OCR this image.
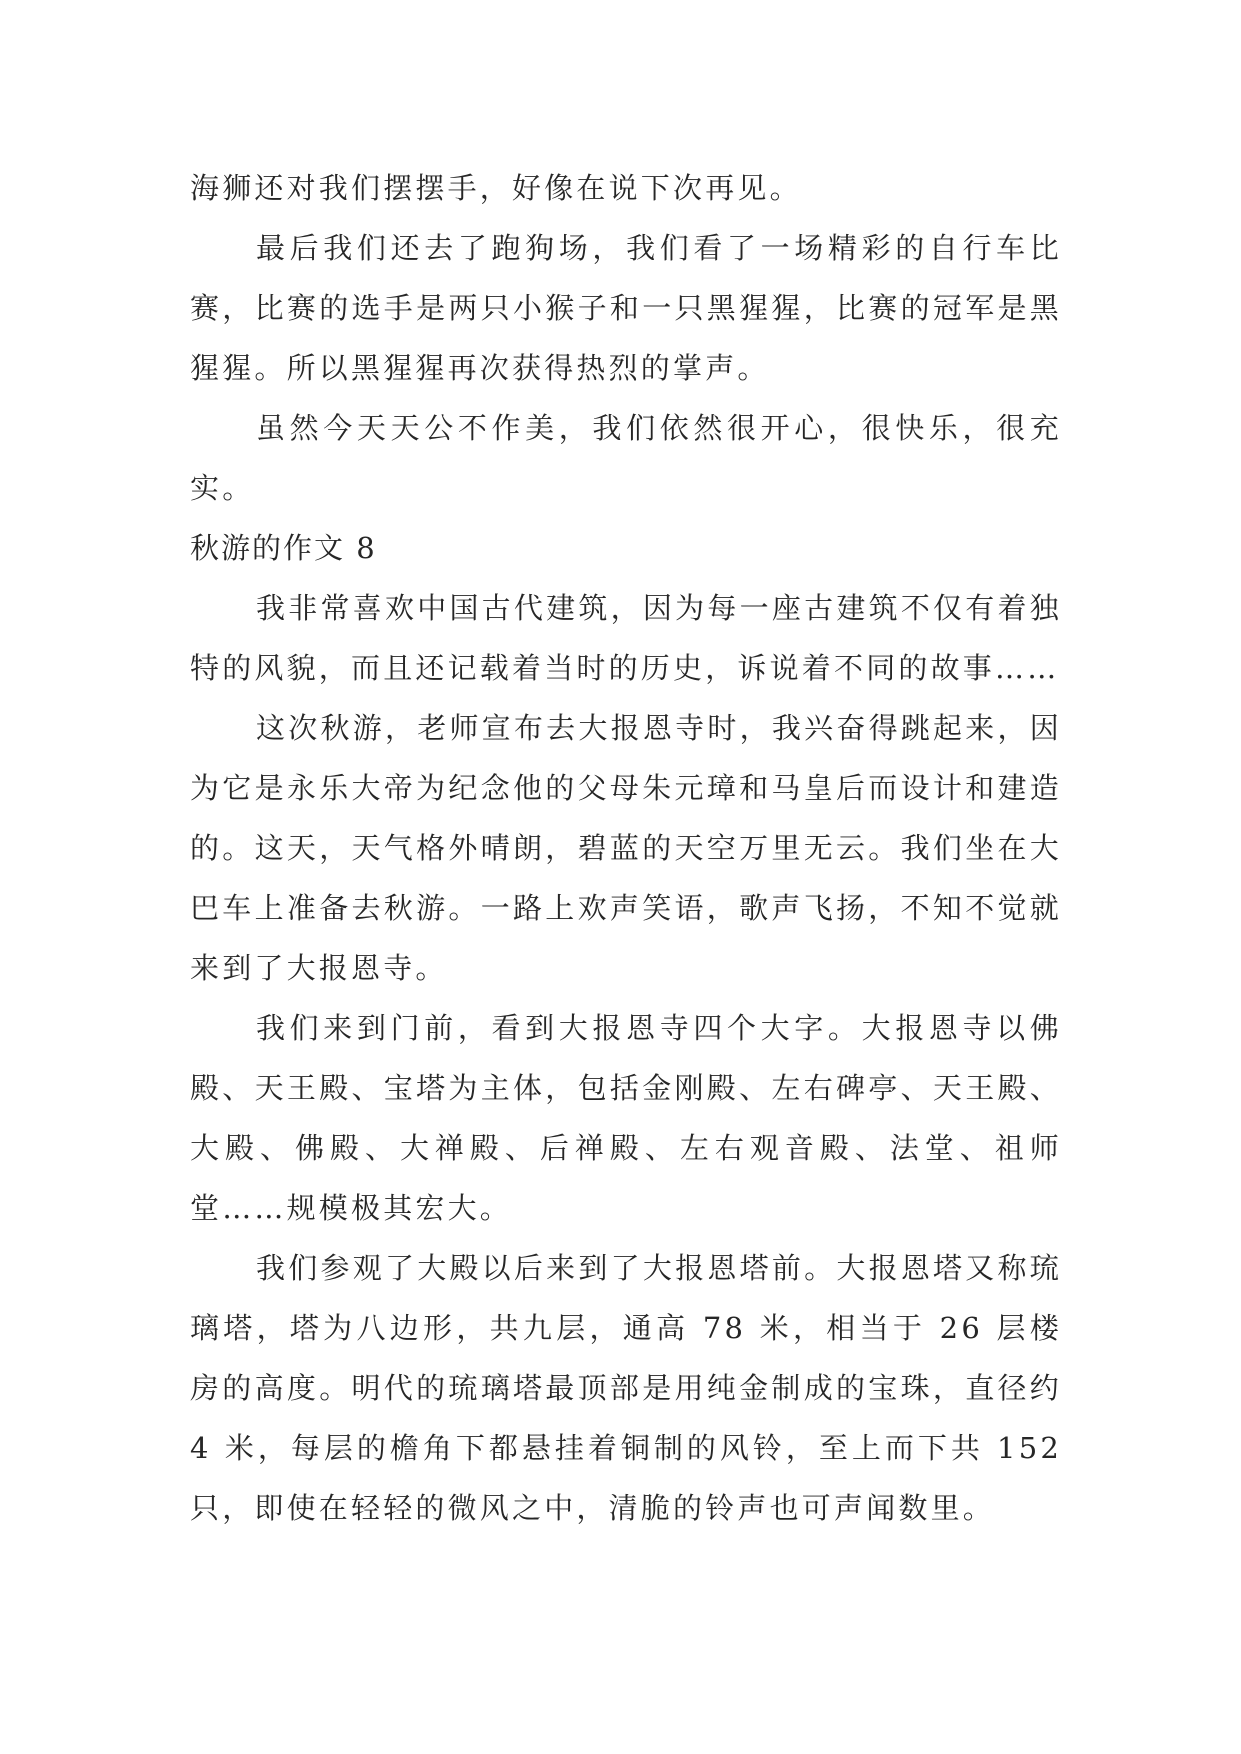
海狮还对我们摆摆手，好像在说下次再见。

最后我们还去了跑狗场，我们看了一场精彩的自行车比赛，比赛的选手是两只小猴子和一只黑猩猩，比赛的冠军是黑猩猩。所以黑猩猩再次获得热烈的掌声。

虽然今天天公不作美，我们依然很开心，很快乐，很充实。

秋游的作文 8

我非常喜欢中国古代建筑，因为每一座古建筑不仅有着独特的风貌，而且还记载着当时的历史，诉说着不同的故事……

这次秋游，老师宣布去大报恩寺时，我兴奋得跳起来，因为它是永乐大帝为纪念他的父母朱元璋和马皇后而设计和建造的。这天，天气格外晴朗，碧蓝的天空万里无云。我们坐在大巴车上准备去秋游。一路上欢声笑语，歌声飞扬，不知不觉就来到了大报恩寺。

我们来到门前，看到大报恩寺四个大字。大报恩寺以佛殿、天王殿、宝塔为主体，包括金刚殿、左右碑亭、天王殿、大殿、佛殿、大禅殿、后禅殿、左右观音殿、法堂、祖师堂……规模极其宏大。

我们参观了大殿以后来到了大报恩塔前。大报恩塔又称琉璃塔，塔为八边形，共九层，通高 78 米，相当于 26 层楼房的高度。明代的琉璃塔最顶部是用纯金制成的宝珠，直径约 4 米，每层的檐角下都悬挂着铜制的风铃，至上而下共 152 只，即使在轻轻的微风之中，清脆的铃声也可声闻数里。
